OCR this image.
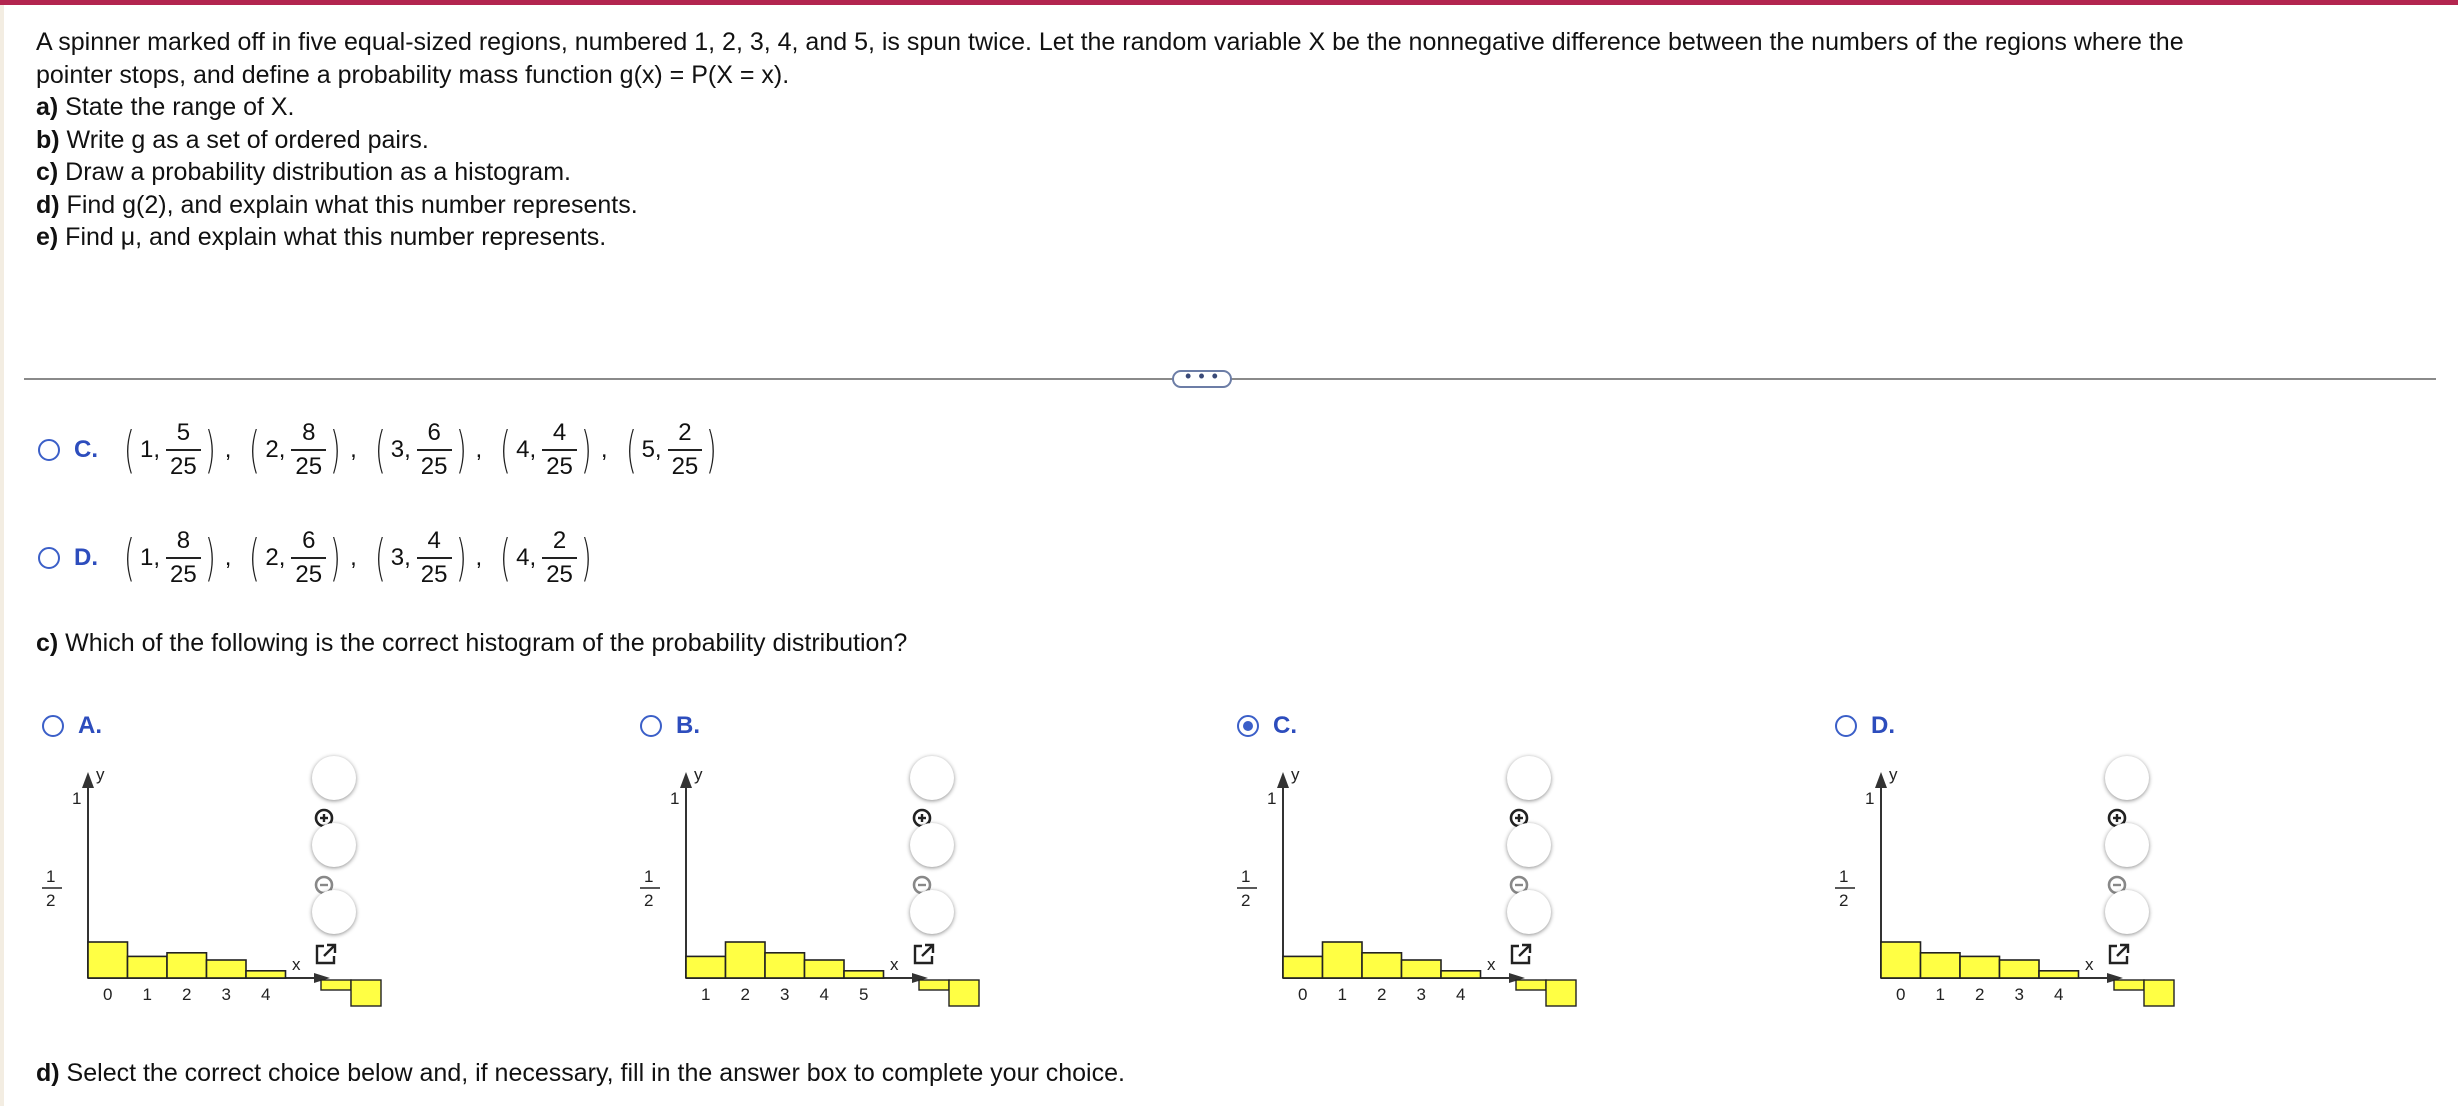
A spinner marked off in five equal-sized regions, numbered 1, 2, 3, 4, and 5, is spun twice. Let the random variable X be the nonnegative difference between the numbers of the regions where the

pointer stops, and define a probability mass function g(x) = P(X = x).

a) State the range of X.

b) Write g as a set of ordered pairs.

c) Draw a probability distribution as a histogram.

d) Find g(2), and explain what this number represents.

e) Find μ, and explain what this number represents.

• • •
C. ( 1, $\frac{5}{25}$ ) , ( 2, $\frac{8}{25}$ ) , ( 3, $\frac{6}{25}$ ) , ( 4, $\frac{4}{25}$ ) , ( 5, $\frac{2}{25}$ )
D. ( 1, $\frac{8}{25}$ ) , ( 2, $\frac{6}{25}$ ) , ( 3, $\frac{4}{25}$ ) , ( 4, $\frac{2}{25}$ )
c) Which of the following is the correct histogram of the probability distribution?
A.
y
x
1
1
2
0 1 2 3 4
B.
y
x
1
1
2
1 2 3 4 5
C.
y
x
1
1
2
0 1 2 3 4
D.
y
x
1
1
2
0 1 2 3 4
d) Select the correct choice below and, if necessary, fill in the answer box to complete your choice.
